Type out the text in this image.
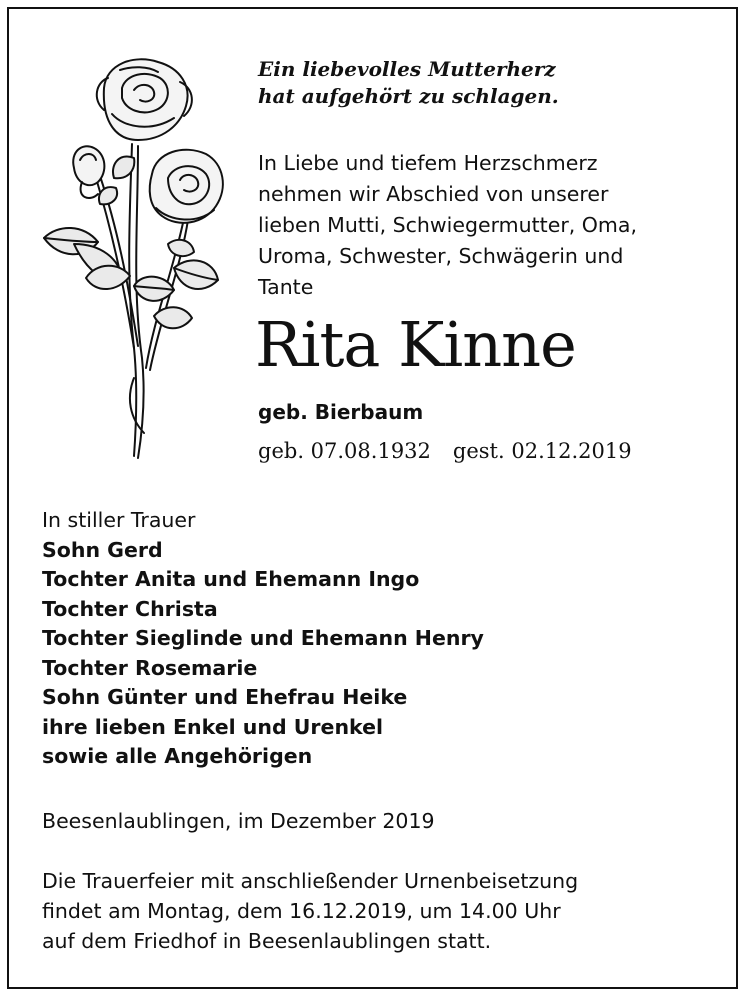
Ein liebevolles Mutterherz
hat aufgehört zu schlagen.
In Liebe und tiefem Herzschmerz
nehmen wir Abschied von unserer
lieben Mutti, Schwiegermutter, Oma,
Uroma, Schwester, Schwägerin und
Tante
Rita Kinne
geb. Bierbaum
geb. 07.08.1932 gest. 02.12.2019
In stiller Trauer
Sohn Gerd
Tochter Anita und Ehemann Ingo
Tochter Christa
Tochter Sieglinde und Ehemann Henry
Tochter Rosemarie
Sohn Günter und Ehefrau Heike
ihre lieben Enkel und Urenkel
sowie alle Angehörigen
Beesenlaublingen, im Dezember 2019
Die Trauerfeier mit anschließender Urnenbeisetzung
findet am Montag, dem 16.12.2019, um 14.00 Uhr
auf dem Friedhof in Beesenlaublingen statt.
